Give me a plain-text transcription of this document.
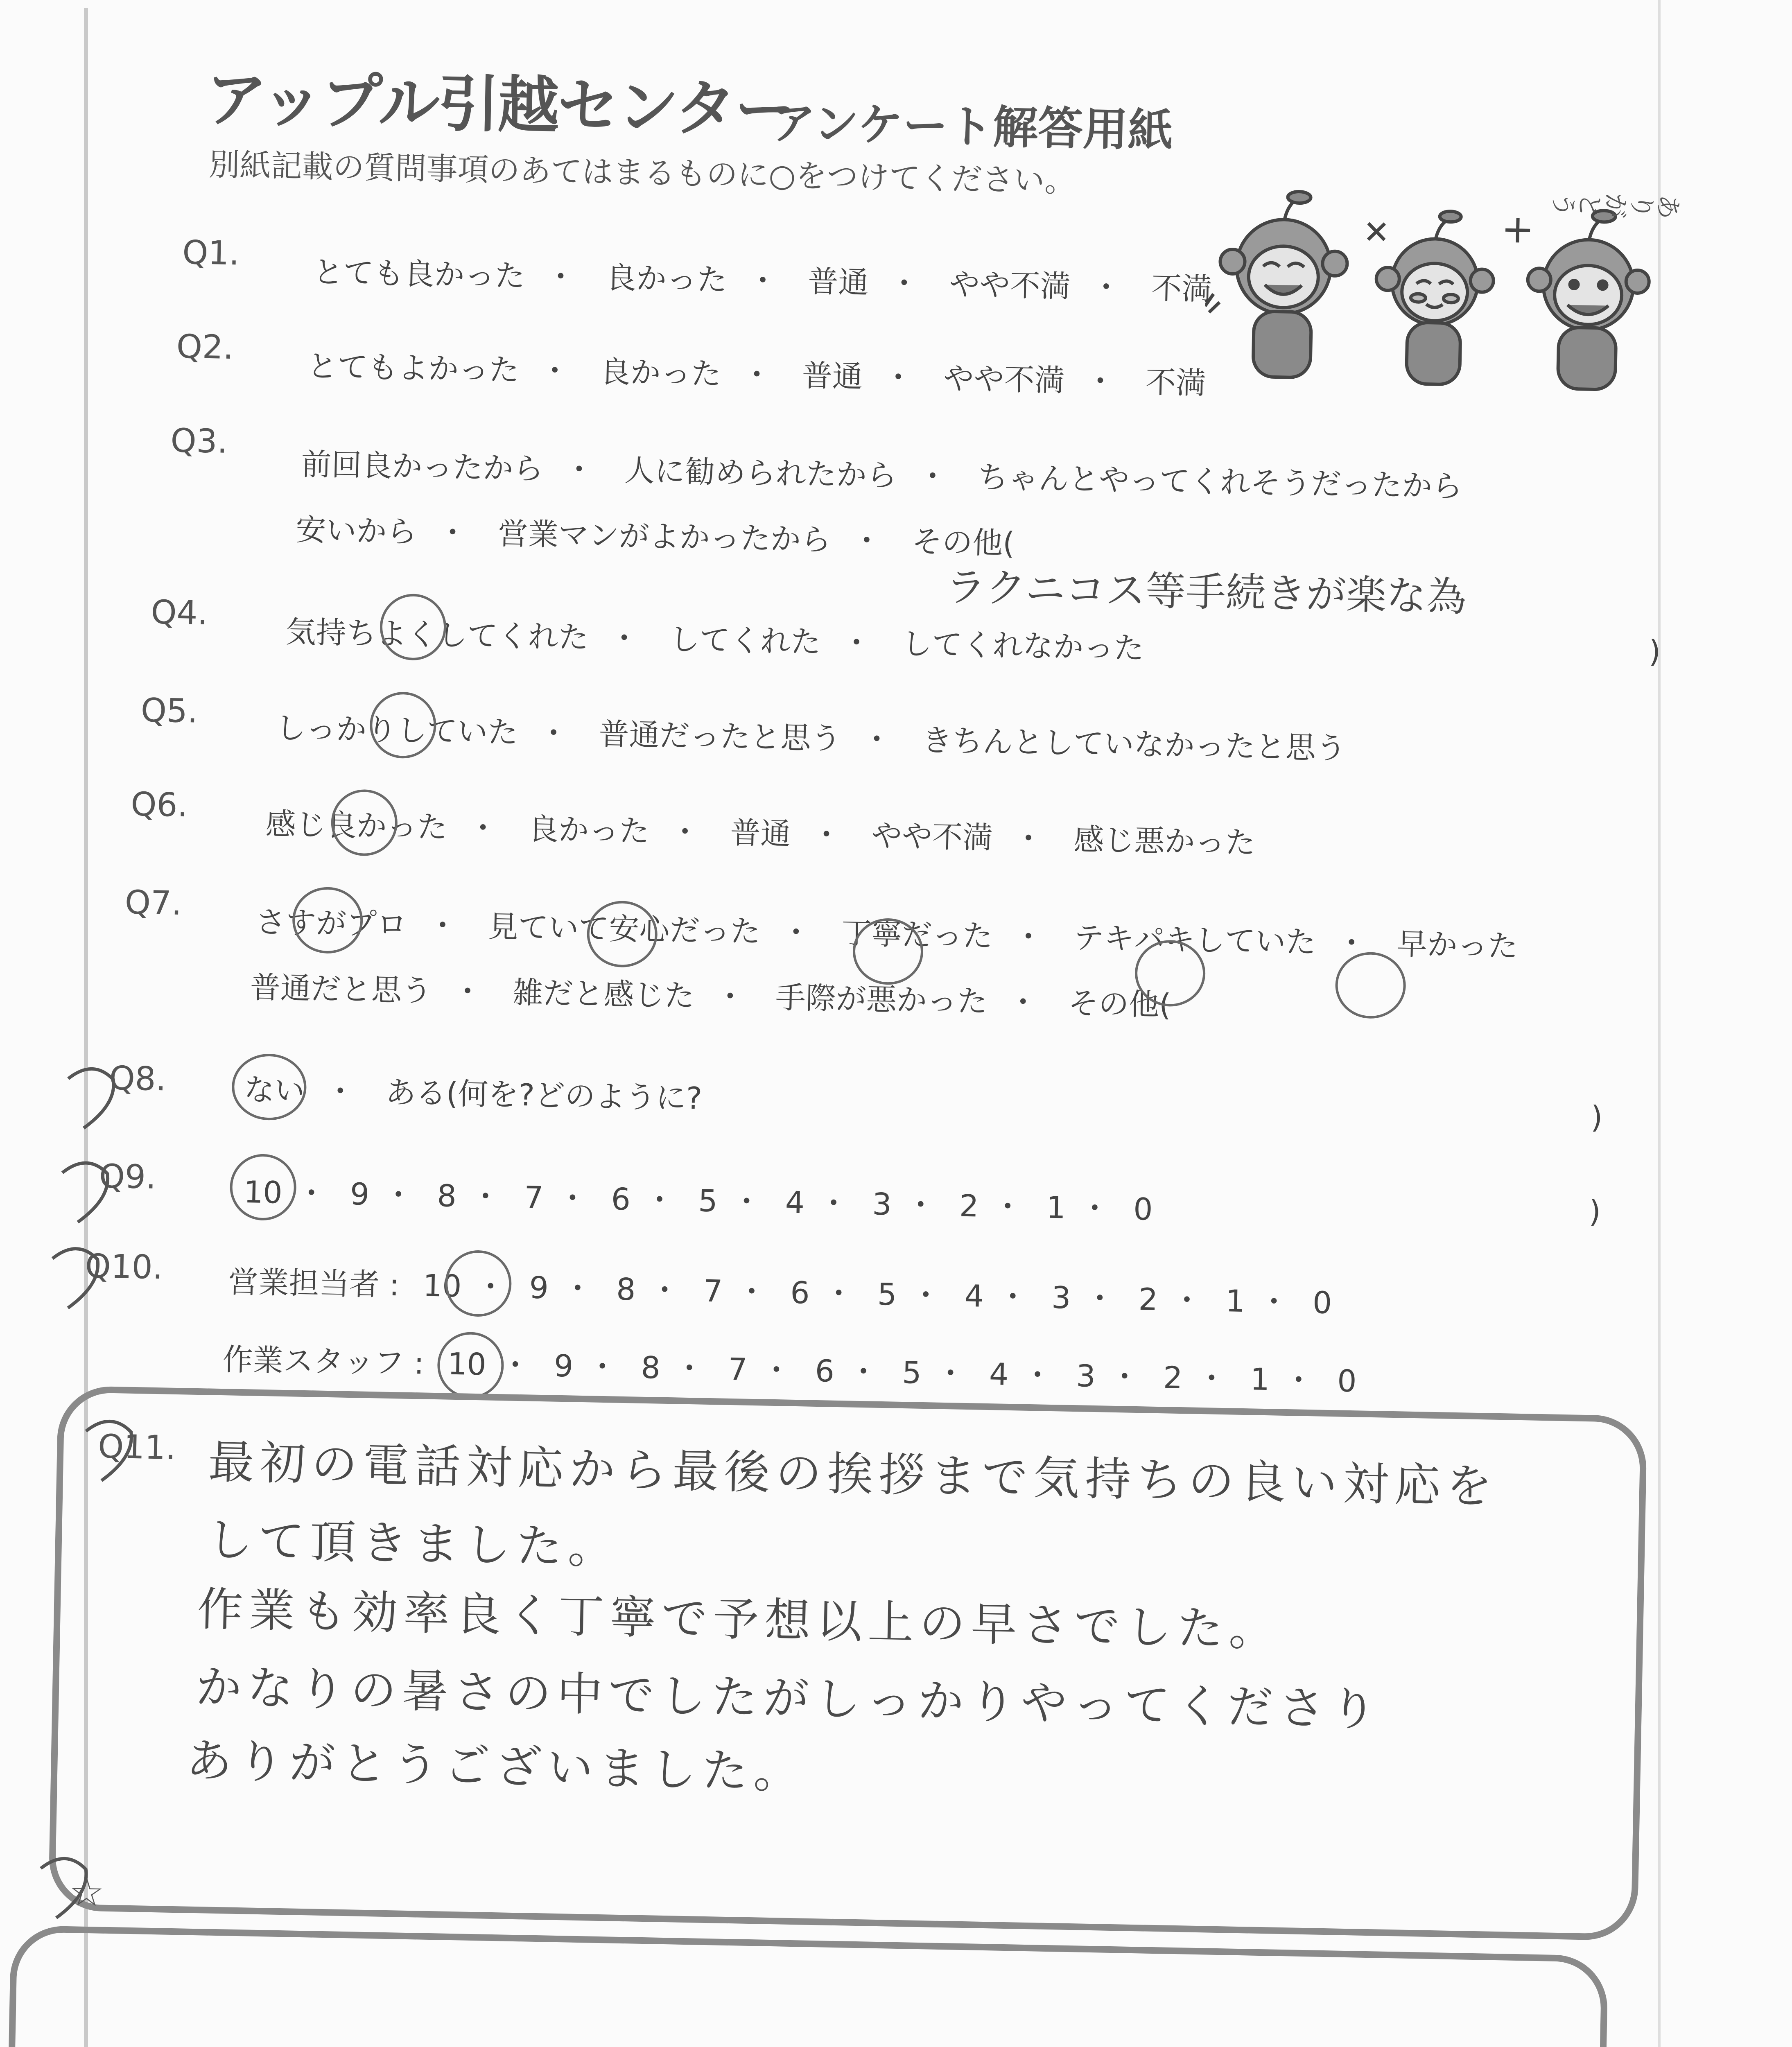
アップル引越センター
アンケート解答用紙
別紙記載の質問事項のあてはまるものに○をつけてください。
ありがとう
Q1.
とても良かった ・ 良かった ・ 普通 ・ やや不満 ・ 不満
Q2.
とてもよかった ・ 良かった ・ 普通 ・ やや不満 ・ 不満
Q3.
前回良かったから ・ 人に勧められたから ・ ちゃんとやってくれそうだったから
安いから ・ 営業マンがよかったから ・ その他(
ラクニコス等手続きが楽な為
)
Q4.
気持ちよくしてくれた ・ してくれた ・ してくれなかった
Q5.	しっかりしていた ・ 普通だったと思う ・ きちんとしていなかったと思う
Q6.
感じ良かった ・ 良かった ・ 普通 ・ やや不満 ・ 感じ悪かった
Q7.
さすがプロ ・ 見ていて安心だった ・ 丁寧だった ・ テキパキしていた ・ 早かった
普通だと思う ・ 雑だと感じた ・ 手際が悪かった ・ その他(
Q8.	ない ・ ある(何を?どのように?
)
Q9.	10 ・ 9 ・ 8 ・ 7 ・ 6 ・ 5 ・ 4 ・ 3 ・ 2 ・ 1 ・ 0	)
Q10. 営業担当者 : 10 ・ 9 ・ 8 ・ 7 ・ 6 ・ 5 ・ 4 ・ 3 ・ 2 ・ 1 ・ 0
作業スタッフ : 10 ・ 9 ・ 8 ・ 7 ・ 6 ・ 5 ・ 4 ・ 3 ・ 2 ・ 1 ・ 0
Q11. 最初の電話対応から最後の挨拶まで気持ちの良い対応を
して頂きました。
作業も効率良く丁寧で予想以上の早さでした。
かなりの暑さの中でしたがしっかりやってくださり
ありがとうございました。
☆
